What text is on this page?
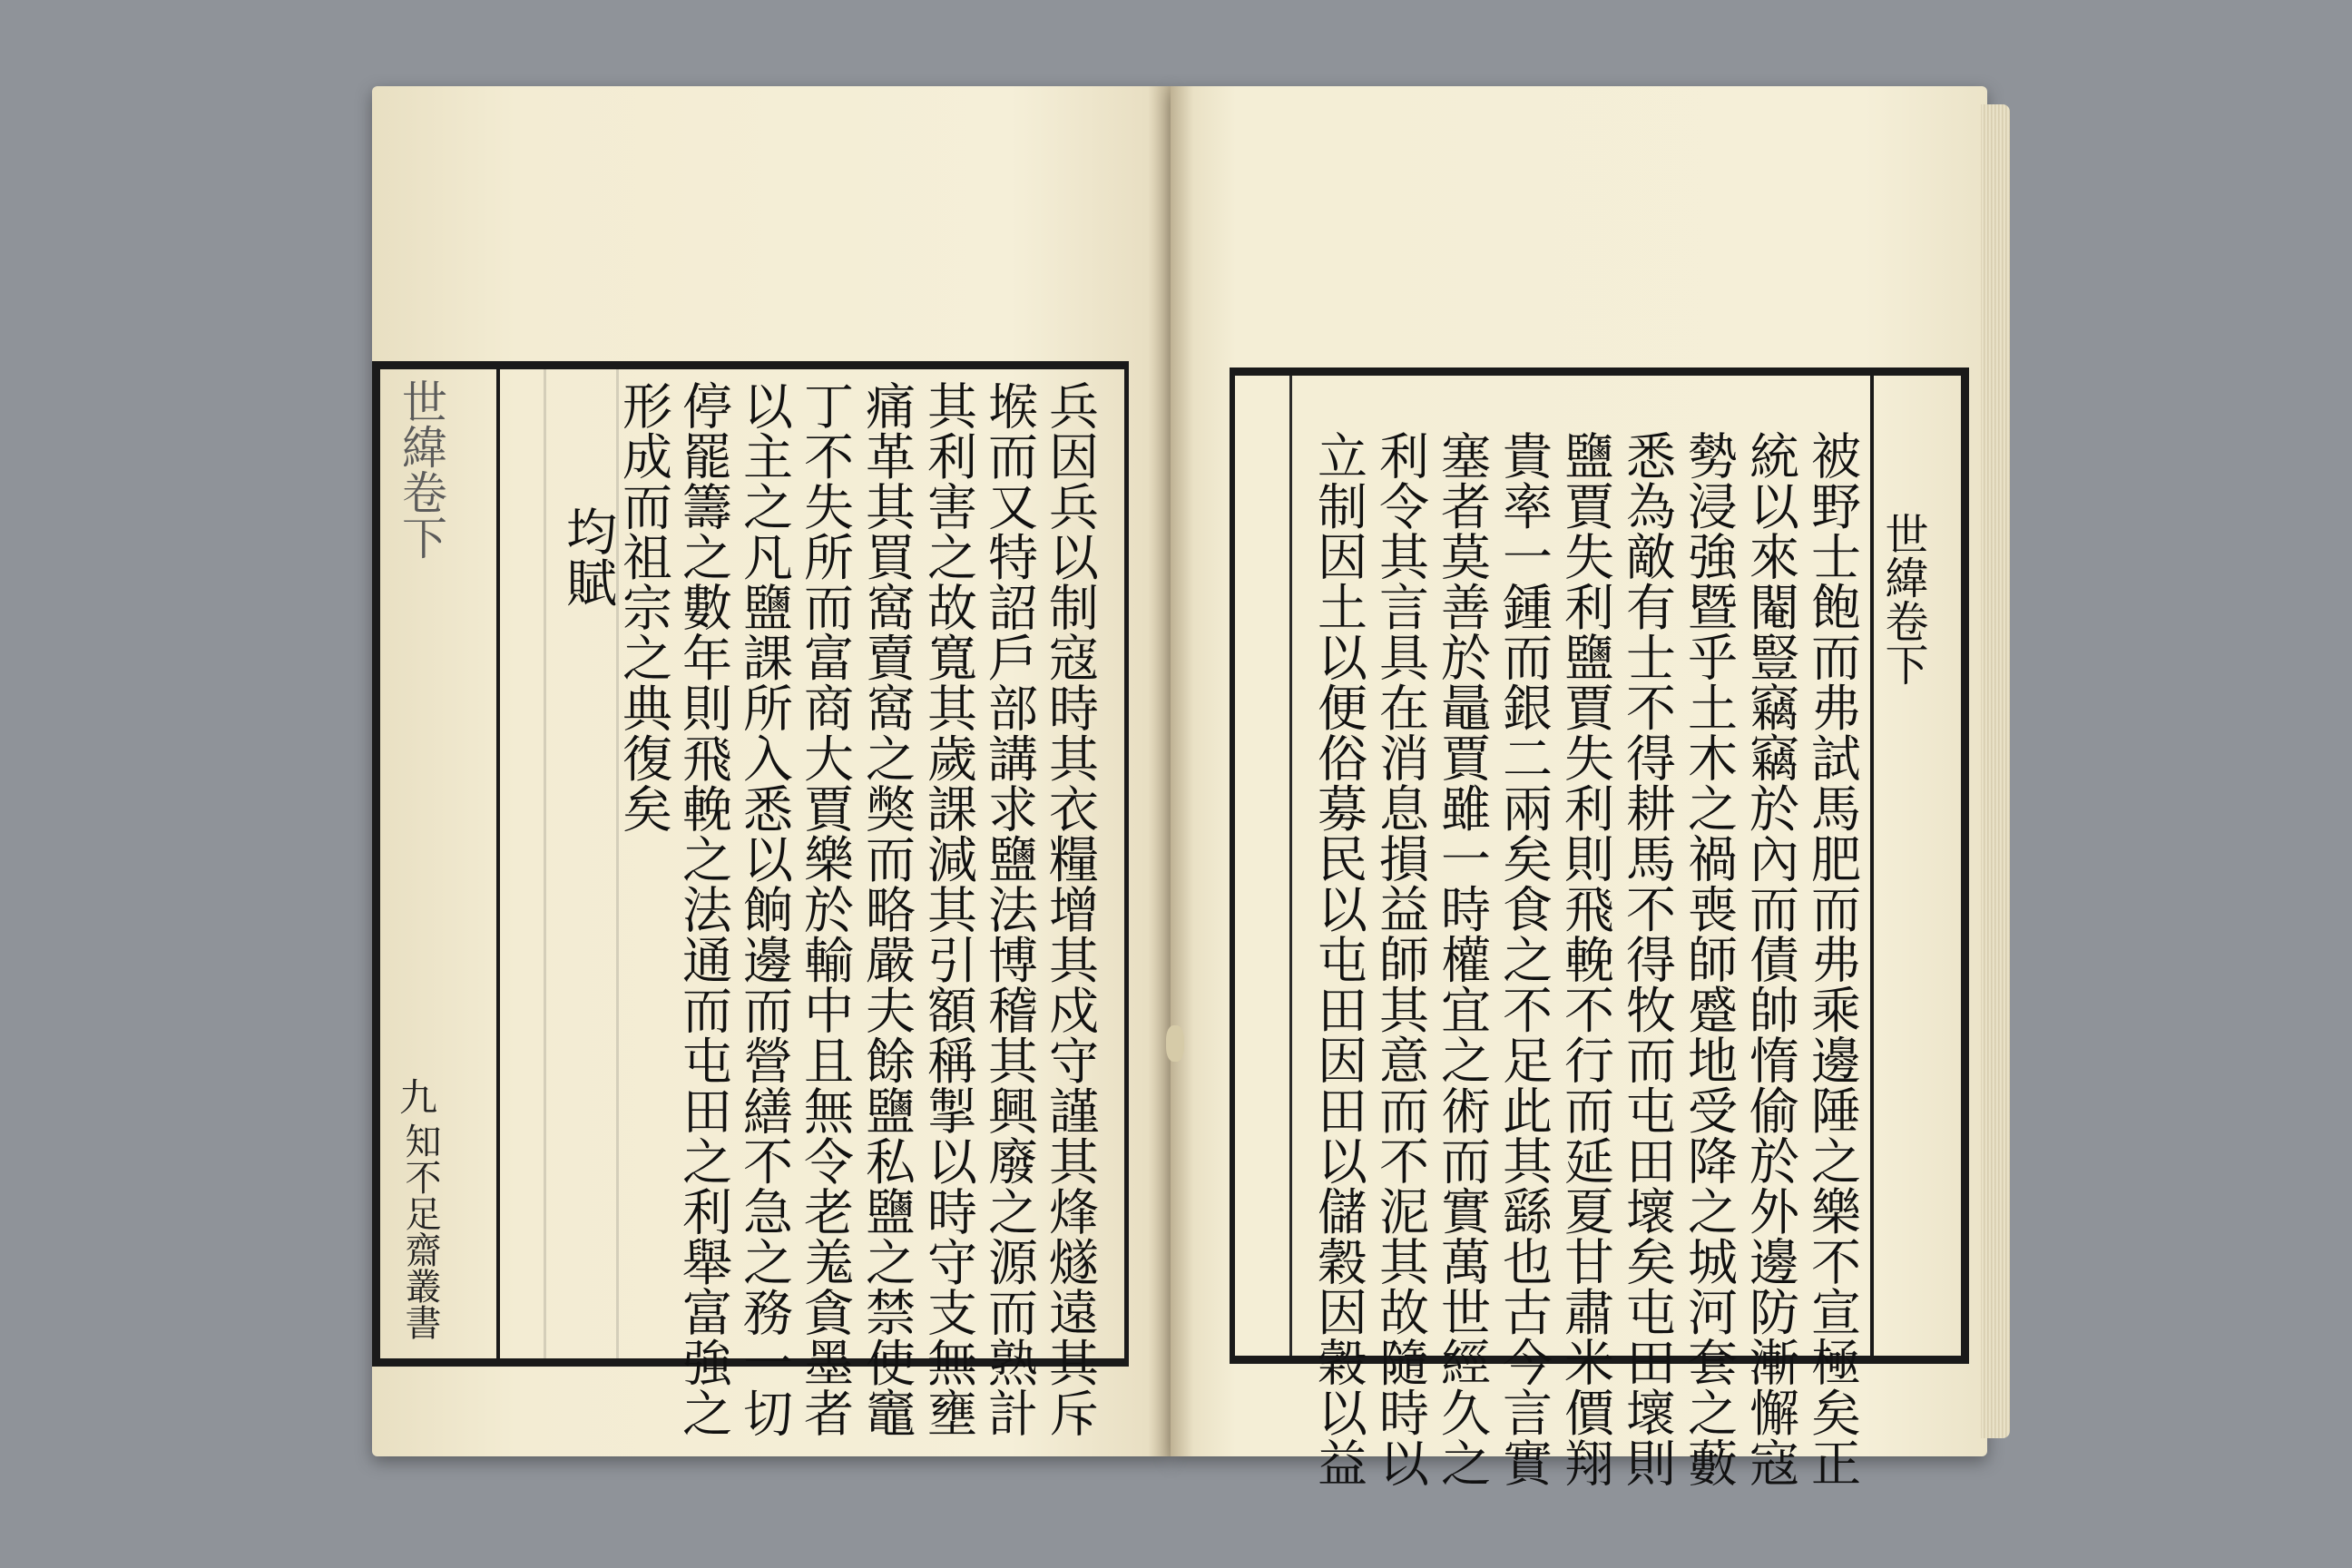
世緯卷下
九
知不足齋叢書
均賦	兵因兵以制寇時其衣糧增其戍守謹其烽燧遠其斥
堠而又特詔戶部講求鹽法博稽其興廢之源而熟計
其利害之故寬其歲課減其引額稱掣以時守支無壅
痛革其買窩賣窩之獘而略嚴夫餘鹽私鹽之禁使竈
丁不失所而富商大賈樂於輸中且無令老羗貪墨者
以主之凡鹽課所入悉以餉邊而營繕不急之務一切
停罷籌之數年則飛輓之法通而屯田之利舉富強之
形成而祖宗之典復矣	世緯卷下
被野士飽而弗試馬肥而弗乘邊陲之樂不宣極矣正
統以來閹豎竊竊於內而債帥惰偷於外邊防漸懈寇
勢浸強暨乎土木之禍喪師蹙地受降之城河套之藪
悉為敵有士不得耕馬不得牧而屯田壞矣屯田壞則
鹽賈失利鹽賈失利則飛輓不行而延夏甘肅米價翔
貴率一鍾而銀二兩矣食之不足此其繇也古今言實
塞者莫善於鼂賈雖一時權宜之術而實萬世經久之
利令其言具在消息損益師其意而不泥其故隨時以
立制因土以便俗募民以屯田因田以儲穀因穀以益
